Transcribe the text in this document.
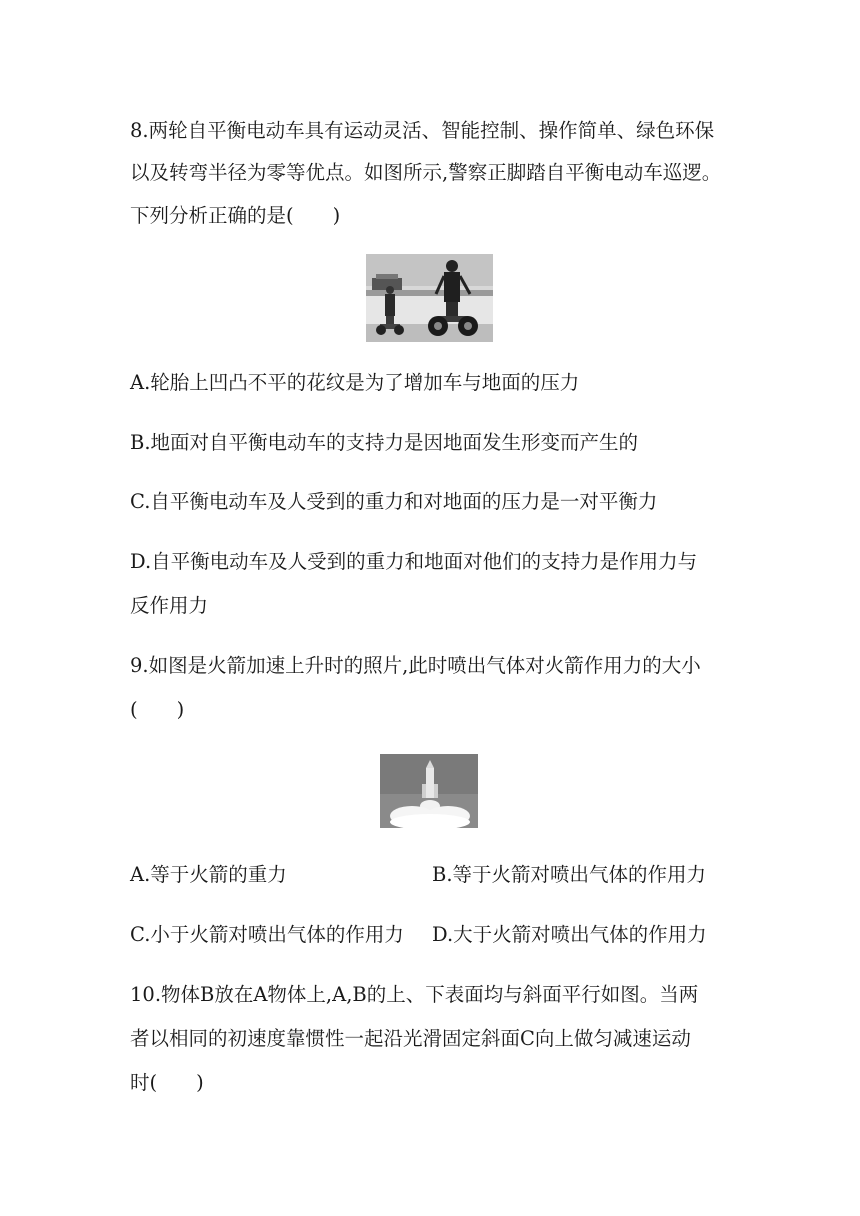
8.两轮自平衡电动车具有运动灵活、智能控制、操作简单、绿色环保
以及转弯半径为零等优点。如图所示,警察正脚踏自平衡电动车巡逻。
下列分析正确的是(　　)
A.轮胎上凹凸不平的花纹是为了增加车与地面的压力
B.地面对自平衡电动车的支持力是因地面发生形变而产生的
C.自平衡电动车及人受到的重力和对地面的压力是一对平衡力
D.自平衡电动车及人受到的重力和地面对他们的支持力是作用力与
反作用力
9.如图是火箭加速上升时的照片,此时喷出气体对火箭作用力的大小
(　　)
A.等于火箭的重力	B.等于火箭对喷出气体的作用力
C.小于火箭对喷出气体的作用力 D.大于火箭对喷出气体的作用力
10.物体B放在A物体上,A,B的上、下表面均与斜面平行如图。当两
者以相同的初速度靠惯性一起沿光滑固定斜面C向上做匀减速运动
时(　　)
